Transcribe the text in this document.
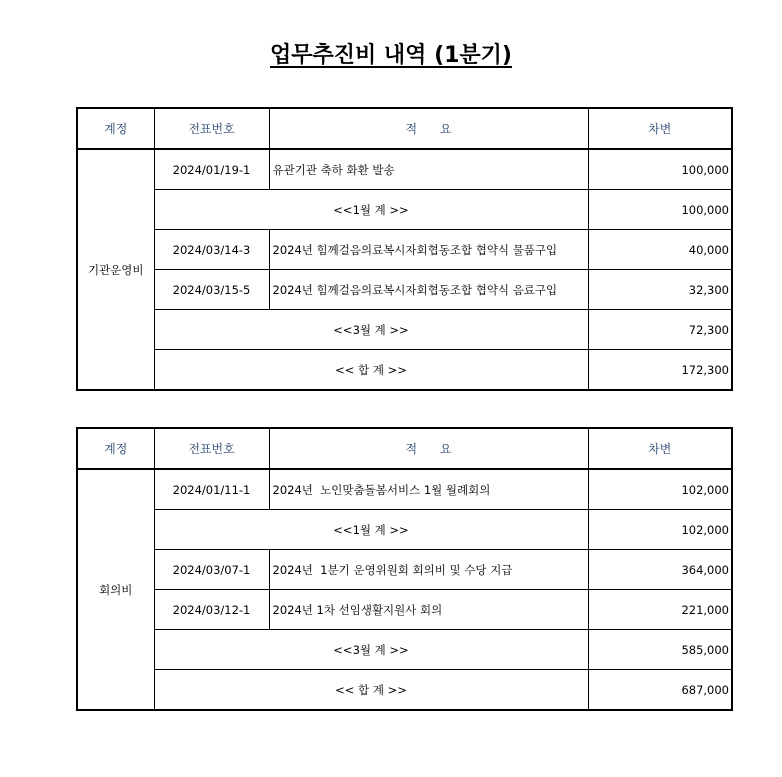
업무추진비 내역 (1분기)
계정	전표번호	적      요	차변
기관운영비	2024/01/19-1	유관기관 축하 화환 발송	100,000
	<<1월 계 >>		100,000
	2024/03/14-3	2024년 힘께걸음의료복시자회협동조합 협약식 물품구입	40,000
	2024/03/15-5	2024년 힘께걸음의료복시자회협동조합 협약식 음료구입	32,300
	<<3월 계 >>		72,300
	<< 합 계 >>		172,300
계정	전표번호	적      요	차변
회의비	2024/01/11-1	2024년  노인맞춤돌봄서비스 1월 월례회의	102,000
	<<1월 계 >>		102,000
	2024/03/07-1	2024년  1분기 운영위원회 회의비 및 수당 지급	364,000
	2024/03/12-1	2024년 1차 선임생활지원사 회의	221,000
	<<3월 계 >>		585,000
	<< 합 계 >>		687,000
